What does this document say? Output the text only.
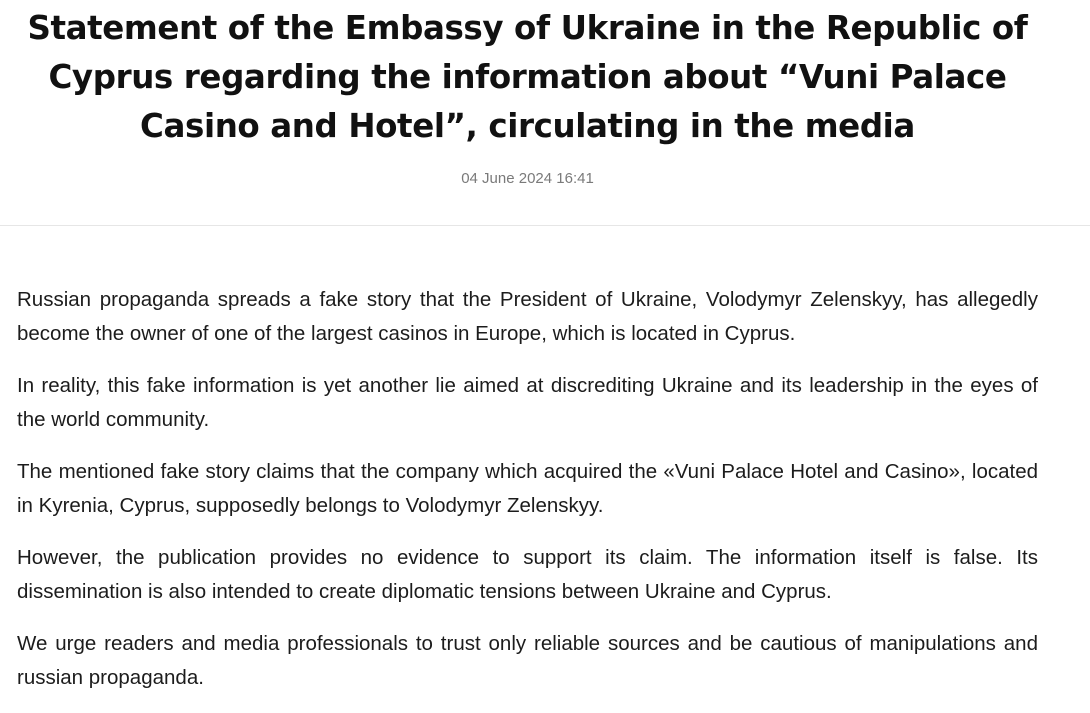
Statement of the Embassy of Ukraine in the Republic of Cyprus regarding the information about “Vuni Palace Casino and Hotel”, circulating in the media
04 June 2024 16:41

Russian propaganda spreads a fake story that the President of Ukraine, Volodymyr Zelenskyy, has allegedly become the owner of one of the largest casinos in Europe, which is located in Cyprus.

In reality, this fake information is yet another lie aimed at discrediting Ukraine and its leadership in the eyes of the world community.

The mentioned fake story claims that the company which acquired the «Vuni Palace Hotel and Casino», located in Kyrenia, Cyprus, supposedly belongs to Volodymyr Zelenskyy.

However, the publication provides no evidence to support its claim. The information itself is false. Its dissemination is also intended to create diplomatic tensions between Ukraine and Cyprus.

We urge readers and media professionals to trust only reliable sources and be cautious of manipulations and russian propaganda.
